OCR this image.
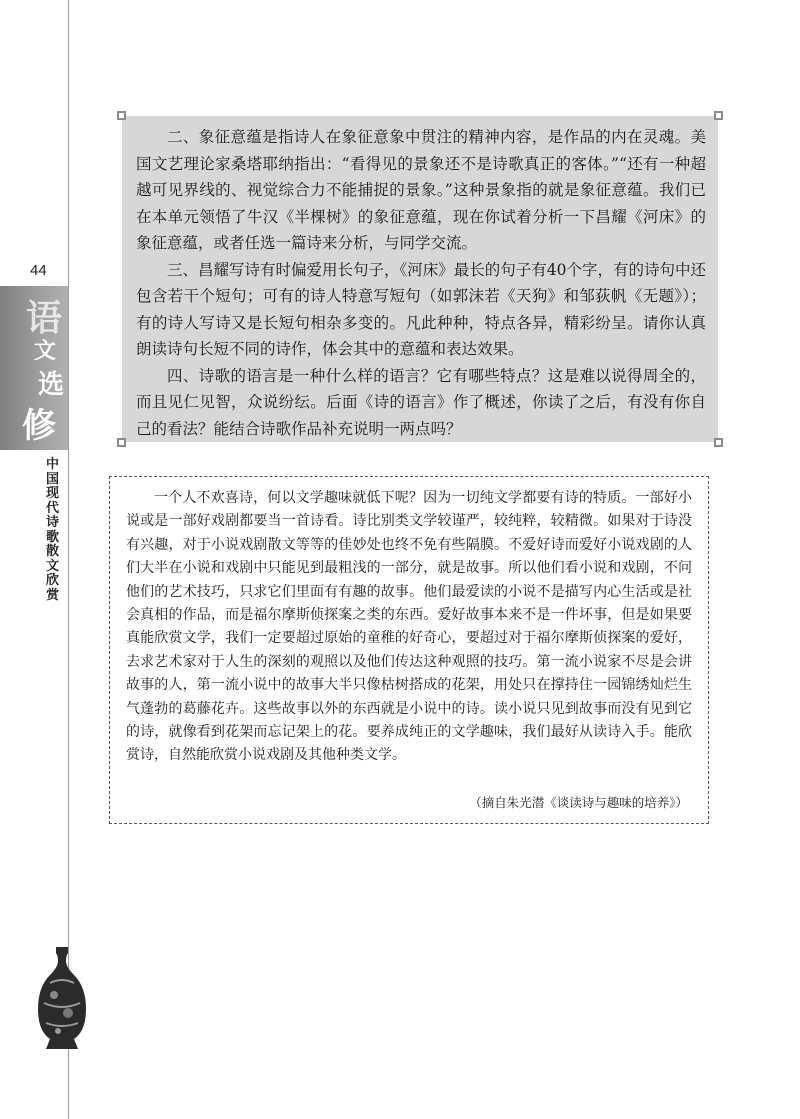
44
语
文
选
修
中国现代诗歌散文欣赏

二、象征意蕴是指诗人在象征意象中贯注的精神内容，是作品的内在灵魂。美国文艺理论家桑塔耶纳指出：“看得见的景象还不是诗歌真正的客体。”“还有一种超越可见界线的、视觉综合力不能捕捉的景象。”这种景象指的就是象征意蕴。我们已在本单元领悟了牛汉《半棵树》的象征意蕴，现在你试着分析一下昌耀《河床》的象征意蕴，或者任选一篇诗来分析，与同学交流。

三、昌耀写诗有时偏爱用长句子，《河床》最长的句子有40个字，有的诗句中还包含若干个短句；可有的诗人特意写短句（如郭沫若《天狗》和邹荻帆《无题》）；有的诗人写诗又是长短句相杂多变的。凡此种种，特点各异，精彩纷呈。请你认真朗读诗句长短不同的诗作，体会其中的意蕴和表达效果。

四、诗歌的语言是一种什么样的语言？它有哪些特点？这是难以说得周全的，而且见仁见智，众说纷纭。后面《诗的语言》作了概述，你读了之后，有没有你自己的看法？能结合诗歌作品补充说明一两点吗？

一个人不欢喜诗，何以文学趣味就低下呢？因为一切纯文学都要有诗的特质。一部好小说或是一部好戏剧都要当一首诗看。诗比别类文学较谨严，较纯粹，较精微。如果对于诗没有兴趣，对于小说戏剧散文等等的佳妙处也终不免有些隔膜。不爱好诗而爱好小说戏剧的人们大半在小说和戏剧中只能见到最粗浅的一部分，就是故事。所以他们看小说和戏剧，不问他们的艺术技巧，只求它们里面有有趣的故事。他们最爱读的小说不是描写内心生活或是社会真相的作品，而是福尔摩斯侦探案之类的东西。爱好故事本来不是一件坏事，但是如果要真能欣赏文学，我们一定要超过原始的童稚的好奇心，要超过对于福尔摩斯侦探案的爱好，去求艺术家对于人生的深刻的观照以及他们传达这种观照的技巧。第一流小说家不尽是会讲故事的人，第一流小说中的故事大半只像枯树搭成的花架，用处只在撑持住一园锦绣灿烂生气蓬勃的葛藤花卉。这些故事以外的东西就是小说中的诗。读小说只见到故事而没有见到它的诗，就像看到花架而忘记架上的花。要养成纯正的文学趣味，我们最好从读诗入手。能欣赏诗，自然能欣赏小说戏剧及其他种类文学。

（摘自朱光潜《谈读诗与趣味的培养》）
